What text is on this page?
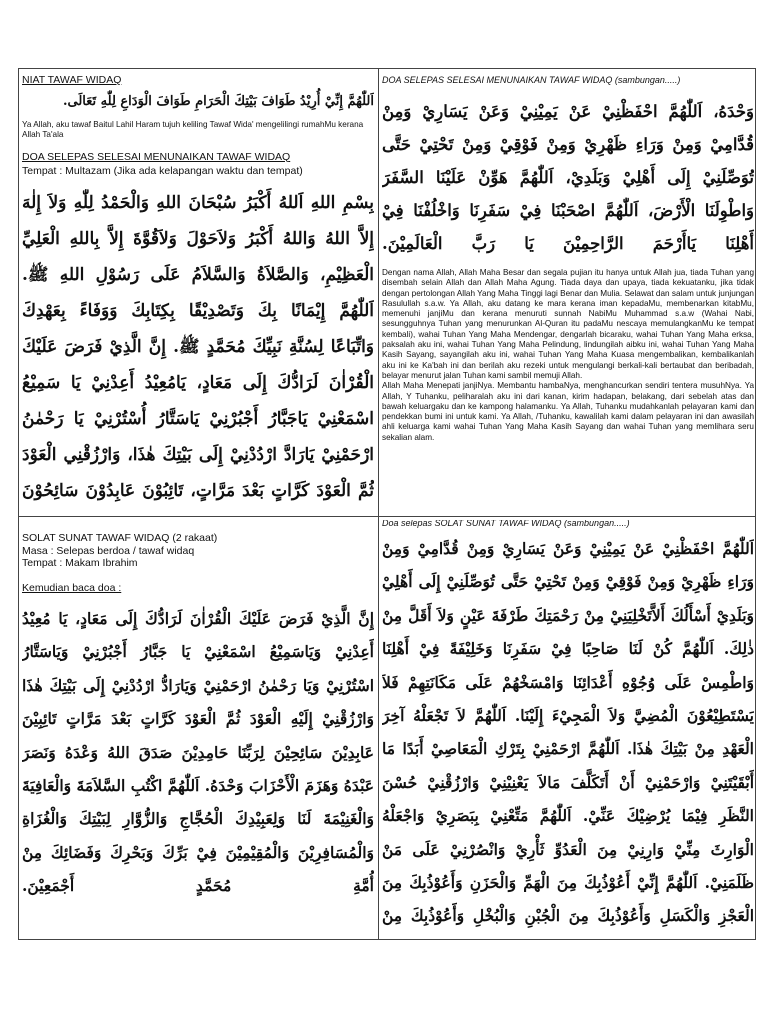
NIAT TAWAF WIDAQ
اَللّٰهُمَّ إِنِّيْ أُرِيْدُ طَوَافَ بَيْتِكَ الْحَرَامِ طَوَافَ الْوَدَاعِ لِلّٰهِ تَعَالَى.
Ya Allah, aku tawaf Baitul Lahil Haram tujuh keliling Tawaf Wida' mengelilingi rumahMu kerana Allah Ta'ala
DOA SELEPAS SELESAI MENUNAIKAN TAWAF WIDAQ
Tempat : Multazam (Jika ada kelapangan waktu dan tempat)
بِسْمِ اللهِ اَللهُ أَكْبَرُ سُبْحَانَ اللهِ وَالْحَمْدُ لِلّٰهِ وَلاَ إِلٰهَ إِلاَّ اللهُ وَاللهُ أَكْبَرُ وَلاَحَوْلَ وَلاَقُوَّةَ إِلاَّ بِاللهِ الْعَلِيِّ الْعَظِيْمِ، وَالصَّلاَةُ وَالسَّلاَمُ عَلَى رَسُوْلِ اللهِ ﷺ. اَللّٰهُمَّ إِيْمَانًا بِكَ وَتَصْدِيْقًا بِكِتَابِكَ وَوَفَاءً بِعَهْدِكَ وَاتِّبَاعًا لِسُنَّةِ نَبِيِّكَ مُحَمَّدٍ ﷺ. إِنَّ الَّذِيْ فَرَضَ عَلَيْكَ الْقُرْاٰنَ لَرَادُّكَ إِلَى مَعَادٍ، يَامُعِيْدُ أَعِدْنِيْ يَا سَمِيْعُ اسْمَعْنِيْ يَاجَبَّارُ أَجْبُرْنِيْ يَاسَتَّارُ أُسْتُرْنِيْ يَا رَحْمٰنُ ارْحَمْنِيْ يَارَادَّ ارْدُدْنِيْ إِلَى بَيْتِكَ هٰذَا، وَارْزُقْنِي الْعَوْدَ ثُمَّ الْعَوْدَ كَرَّاتٍ بَعْدَ مَرَّاتٍ، تَائِبُوْنَ عَابِدُوْنَ سَائِحُوْنَ
DOA SELEPAS SELESAI MENUNAIKAN TAWAF WIDAQ (sambungan.....)
وَحْدَهُ، اَللّٰهُمَّ احْفَظْنِيْ عَنْ يَمِيْنِيْ وَعَنْ يَسَارِيْ وَمِنْ قُدَّامِيْ وَمِنْ وَرَاءِ ظَهْرِيْ وَمِنْ فَوْقِيْ وَمِنْ تَحْتِيْ حَتَّى تُوَصِّلَنِيْ إِلَى أَهْلِيْ وَبَلَدِيْ، اَللّٰهُمَّ هَوِّنْ عَلَيْنَا السَّفَرَ وَاطْوِلَنَا الْأَرْضَ، اَللّٰهُمَّ اصْحَبْنَا فِيْ سَفَرِنَا وَاخْلُفْنَا فِيْ أَهْلِنَا يَاأَرْحَمَ الرَّاحِمِيْنَ يَا رَبَّ الْعَالَمِيْنَ.
Dengan nama Allah, Allah Maha Besar dan segala pujian itu hanya untuk Allah jua, tiada Tuhan yang disembah selain Allah dan Allah Maha Agung. Tiada daya dan upaya, tiada kekuatanku, jika tidak dengan pertolongan Allah Yang Maha Tinggi lagi Benar dan Mulia. Selawat dan salam untuk junjungan Rasulullah s.a.w. Ya Allah, aku datang ke mara kerana iman kepadaMu, membenarkan kitabMu, memenuhi janjiMu dan kerana menuruti sunnah NabiMu Muhammad s.a.w (Wahai Nabi, sesungguhnya Tuhan yang menurunkan Al-Quran itu padaMu nescaya memulangkanMu ke tempat kembali), wahai Tuhan Yang Maha Mendengar, dengarlah bicaraku, wahai Tuhan Yang Maha erksa, paksalah aku ini, wahai Tuhan Yang Maha Pelindung, lindungilah aibku ini, wahai Tuhan Yang Maha Kasih Sayang, sayangilah aku ini, wahai Tuhan Yang Maha Kuasa mengembalikan, kembalikanlah aku ini ke Ka'bah ini dan berilah aku rezeki untuk mengulangi berkali-kali bertaubat dan beribadah, belayar menurut jalan Tuhan kami sambil memuji Allah.
Allah Maha Menepati janjiNya. Membantu hambaNya, menghancurkan sendiri tentera musuhNya. Ya Allah, Y Tuhanku, peliharalah aku ini dari kanan, kirim hadapan, belakang, dari sebelah atas dan bawah keluargaku dan ke kampong halamanku. Ya Allah, Tuhanku mudahkanlah pelayaran kami dan pendekkan bumi ini untuk kami. Ya Allah, /Tuhanku, kawalilah kami dalam pelayaran ini dan awasilah ahli keluarga kami wahai Tuhan Yang Maha Kasih Sayang dan wahai Tuhan yang memlihara seru sekalian alam.
SOLAT SUNAT TAWAF WIDAQ (2 rakaat)
Masa : Selepas berdoa / tawaf widaq
Tempat : Makam Ibrahim
Kemudian baca doa :
إِنَّ الَّذِيْ فَرَضَ عَلَيْكَ الْقُرْاٰنَ لَرَادُّكَ إِلَى مَعَادٍ، يَا مُعِيْدُ أَعِدْنِيْ وَيَاسَمِيْعُ اسْمَعْنِيْ يَا جَبَّارُ أَجْبُرْنِيْ وَيَاسَتَّارُ اسْتُرْنِيْ وَيَا رَحْمٰنُ ارْحَمْنِيْ وَيَارَادُّ ارْدُدْنِيْ إِلَى بَيْتِكَ هٰذَا وَارْزُقْنِيْ إِلَيْهِ الْعَوْدَ ثُمَّ الْعَوْدَ كَرَّاتٍ بَعْدَ مَرَّاتٍ تَائِبِيْنَ عَابِدِيْنَ سَائِحِيْنَ لِرَبِّنَا حَامِدِيْنَ صَدَقَ اللهُ وَعْدَهُ وَنَصَرَ عَبْدَهُ وَهَزَمَ الْأَحْزَابَ وَحْدَهُ. اَللّٰهُمَّ اكْتُبِ السَّلاَمَةَ وَالْعَافِيَةَ وَالْغَنِيْمَةَ لَنَا وَلِعَبِيْدِكَ الْحُجَّاجِ وَالزُّوَّارِ لِبَيْتِكَ وَالْغُزَاةِ وَالْمُسَافِرِيْنَ وَالْمُقِيْمِيْنَ فِيْ بَرِّكَ وَبَحْرِكَ وَفَضَائِكَ مِنْ أُمَّةِ مُحَمَّدٍ أَجْمَعِيْنَ.
Doa selepas SOLAT SUNAT TAWAF WIDAQ (sambungan.....)
اَللّٰهُمَّ احْفَظْنِيْ عَنْ يَمِيْنِيْ وَعَنْ يَسَارِيْ وَمِنْ قُدَّامِيْ وَمِنْ وَرَاءِ ظَهْرِيْ وَمِنْ فَوْقِيْ وَمِنْ تَحْتِيْ حَتَّى تُوَصِّلَنِيْ إِلَى أَهْلِيْ وَبَلَدِيْ أَسْأَلُكَ أَلاَّتَخْلِيَنِيْ مِنْ رَحْمَتِكَ طَرْفَةَ عَيْنٍ وَلاَ أَقَلَّ مِنْ ذٰلِكَ. اَللّٰهُمَّ كُنْ لَنَا صَاحِبًا فِيْ سَفَرِنَا وَخَلِيْفَةً فِيْ أَهْلِنَا وَاطْمِسْ عَلَى وُجُوْهِ أَعْدَائِنَا وَامْسَخْهُمْ عَلَى مَكَانَتِهِمْ فَلاَ يَسْتَطِيْعُوْنَ الْمُضِيَّ وَلاَ الْمَجِيْءَ إِلَيْنَا. اَللّٰهُمَّ لاَ تَجْعَلْهُ آخِرَ الْعَهْدِ مِنْ بَيْتِكَ هٰذَا. اَللّٰهُمَّ ارْحَمْنِيْ بِتَرْكِ الْمَعَاصِيْ أَبَدًا مَا أَبْقَيْتَنِيْ وَارْحَمْنِيْ أَنْ أَتَكَلَّفَ مَالاَ يَعْنِيْنِيْ وَارْزُقْنِيْ حُسْنَ النَّظَرِ فِيْمَا يُرْضِيْكَ عَنِّيْ. اَللّٰهُمَّ مَتِّعْنِيْ بِبَصَرِيْ وَاجْعَلْهُ الْوَارِثَ مِنِّيْ وَارِنِيْ مِنَ الْعَدُوِّ ثَأْرِيْ وَانْصُرْنِيْ عَلَى مَنْ ظَلَمَنِيْ. اَللّٰهُمَّ إِنِّيْ أَعُوْذُبِكَ مِنَ الْهَمِّ وَالْحَزَنِ وَأَعُوْذُبِكَ مِنَ الْعَجْزِ وَالْكَسَلِ وَأَعُوْذُبِكَ مِنَ الْجُبْنِ وَالْبُخْلِ وَأَعُوْذُبِكَ مِنْ
